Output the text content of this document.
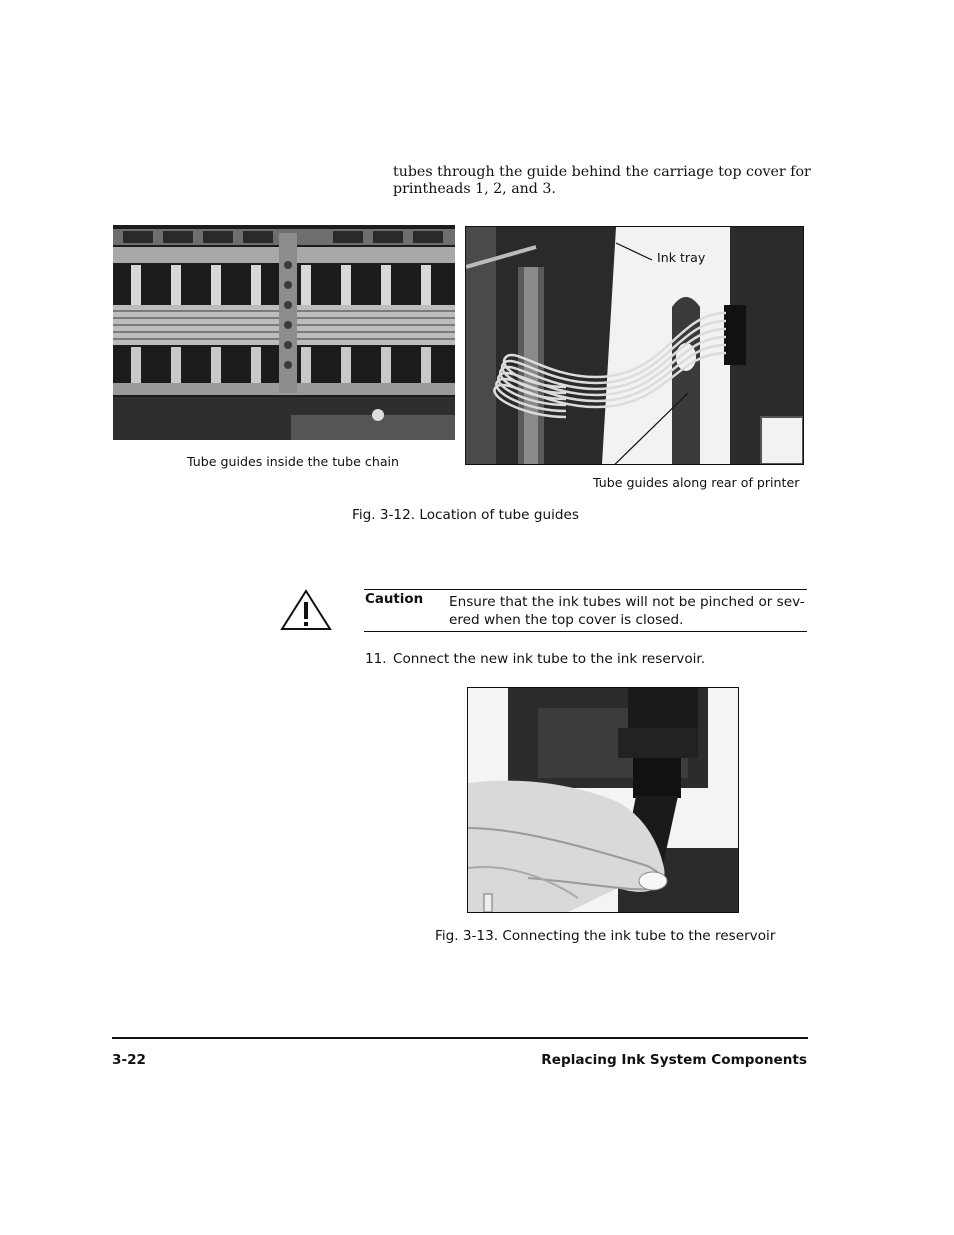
tubes through the guide behind the carriage top cover for printheads 1, 2, and 3.
Ink tray
Tube guides inside the tube chain
Tube guides along rear of printer
Fig. 3-12. Location of tube guides
Caution Ensure that the ink tubes will not be pinched or sev-ered when the top cover is closed.
11. Connect the new ink tube to the ink reservoir.
Fig. 3-13. Connecting the ink tube to the reservoir
3-22	Replacing Ink System Components
